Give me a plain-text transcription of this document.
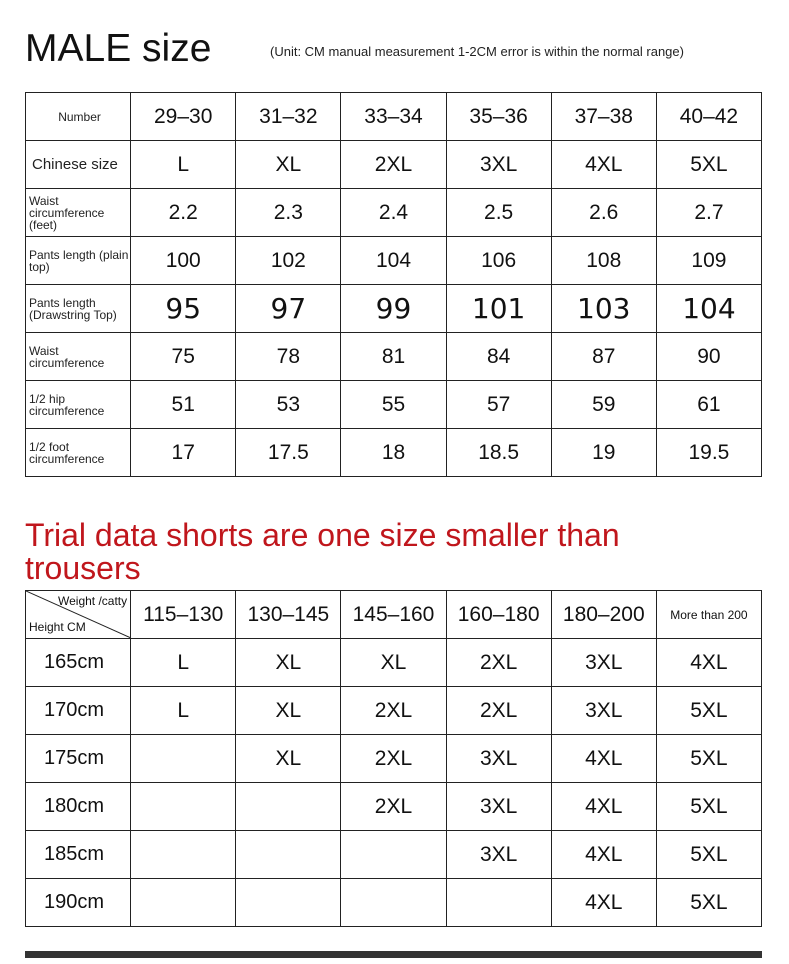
MALE size	(Unit: CM manual measurement 1-2CM error is within the normal range)
Number	29–30	31–32	33–34	35–36	37–38	40–42
Chinese size	L	XL	2XL	3XL	4XL	5XL
Waist circumference (feet)	2.2	2.3	2.4	2.5	2.6	2.7
Pants length (plain top)	100	102	104	106	108	109
Pants length (Drawstring Top)	95	97	99	101	103	104
Waist circumference	75	78	81	84	87	90
1/2 hip circumference	51	53	55	57	59	61
1/2 foot circumference	17	17.5	18	18.5	19	19.5
Trial data shorts are one size smaller than trousers
Weight /catty
Height CM	115–130	130–145	145–160	160–180	180–200	More than 200
165cm	L	XL	XL	2XL	3XL	4XL
170cm	L	XL	2XL	2XL	3XL	5XL
175cm		XL	2XL	3XL	4XL	5XL
180cm			2XL	3XL	4XL	5XL
185cm				3XL	4XL	5XL
190cm					4XL	5XL
